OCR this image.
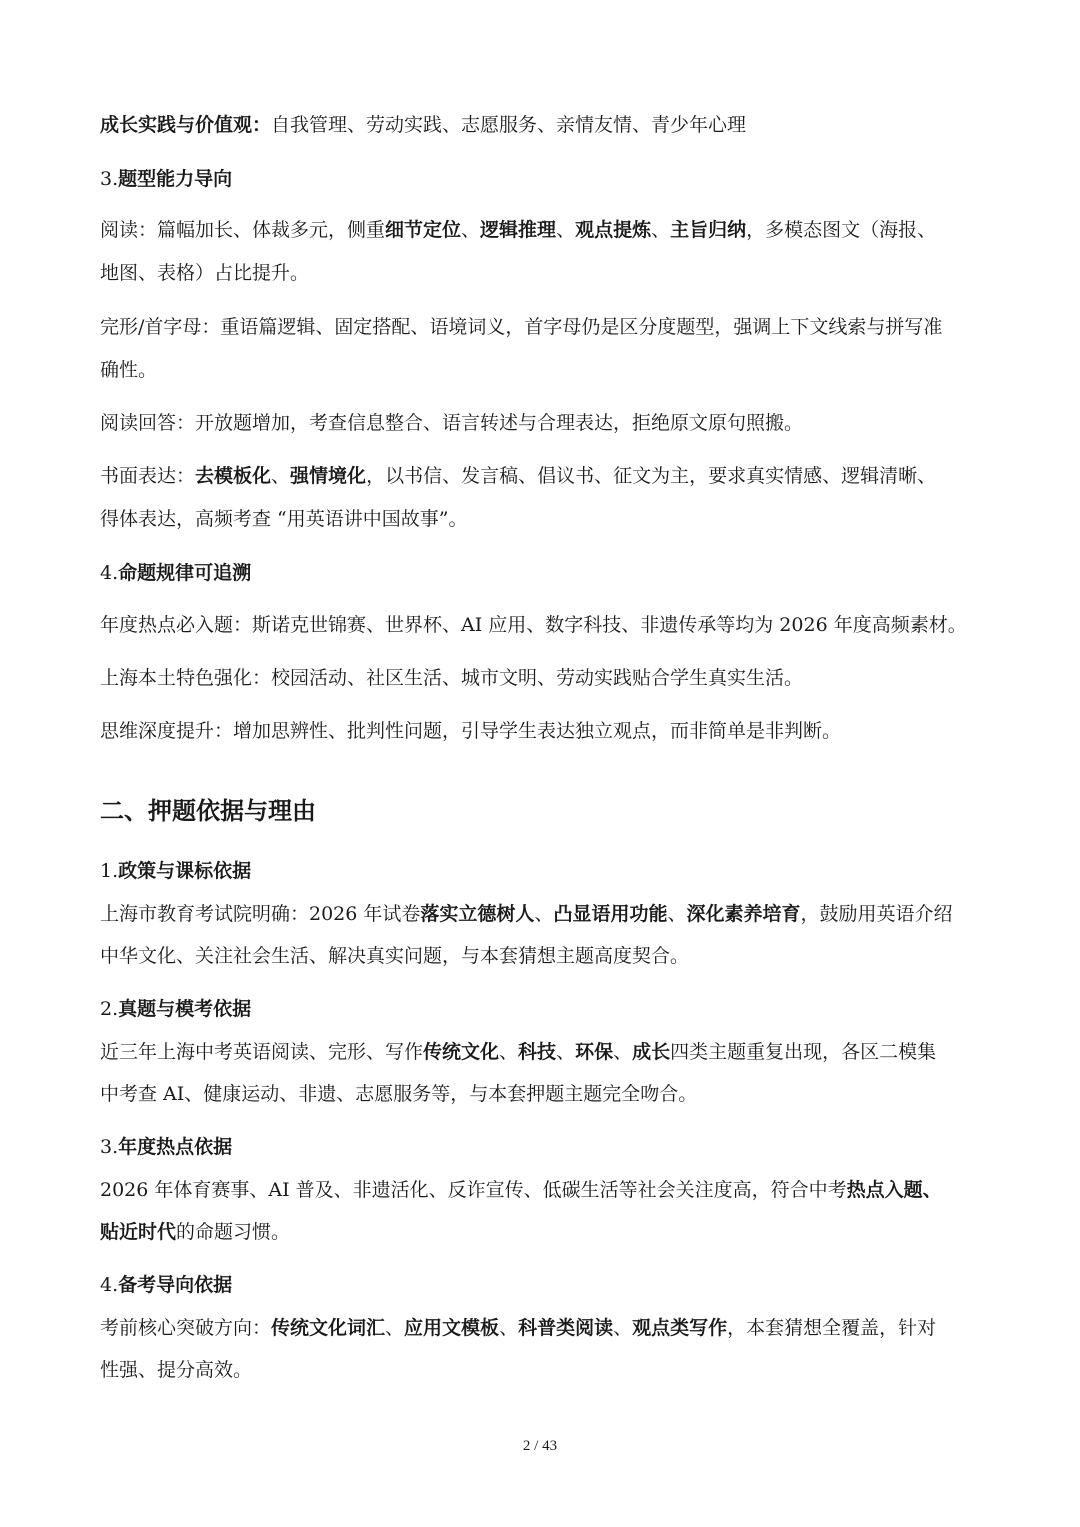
成长实践与价值观：自我管理、劳动实践、志愿服务、亲情友情、青少年心理
3.题型能力导向
阅读：篇幅加长、体裁多元，侧重细节定位、逻辑推理、观点提炼、主旨归纳，多模态图文（海报、
地图、表格）占比提升。
完形/首字母：重语篇逻辑、固定搭配、语境词义，首字母仍是区分度题型，强调上下文线索与拼写准
确性。
阅读回答：开放题增加，考查信息整合、语言转述与合理表达，拒绝原文原句照搬。
书面表达：去模板化、强情境化，以书信、发言稿、倡议书、征文为主，要求真实情感、逻辑清晰、
得体表达，高频考查 “用英语讲中国故事”。
4.命题规律可追溯
年度热点必入题：斯诺克世锦赛、世界杯、AI 应用、数字科技、非遗传承等均为 2026 年度高频素材。
上海本土特色强化：校园活动、社区生活、城市文明、劳动实践贴合学生真实生活。
思维深度提升：增加思辨性、批判性问题，引导学生表达独立观点，而非简单是非判断。
二、押题依据与理由
1.政策与课标依据
上海市教育考试院明确：2026 年试卷落实立德树人、凸显语用功能、深化素养培育，鼓励用英语介绍
中华文化、关注社会生活、解决真实问题，与本套猜想主题高度契合。
2.真题与模考依据
近三年上海中考英语阅读、完形、写作传统文化、科技、环保、成长四类主题重复出现，各区二模集
中考查 AI、健康运动、非遗、志愿服务等，与本套押题主题完全吻合。
3.年度热点依据
2026 年体育赛事、AI 普及、非遗活化、反诈宣传、低碳生活等社会关注度高，符合中考热点入题、
贴近时代的命题习惯。
4.备考导向依据
考前核心突破方向：传统文化词汇、应用文模板、科普类阅读、观点类写作，本套猜想全覆盖，针对
性强、提分高效。
2 / 43
